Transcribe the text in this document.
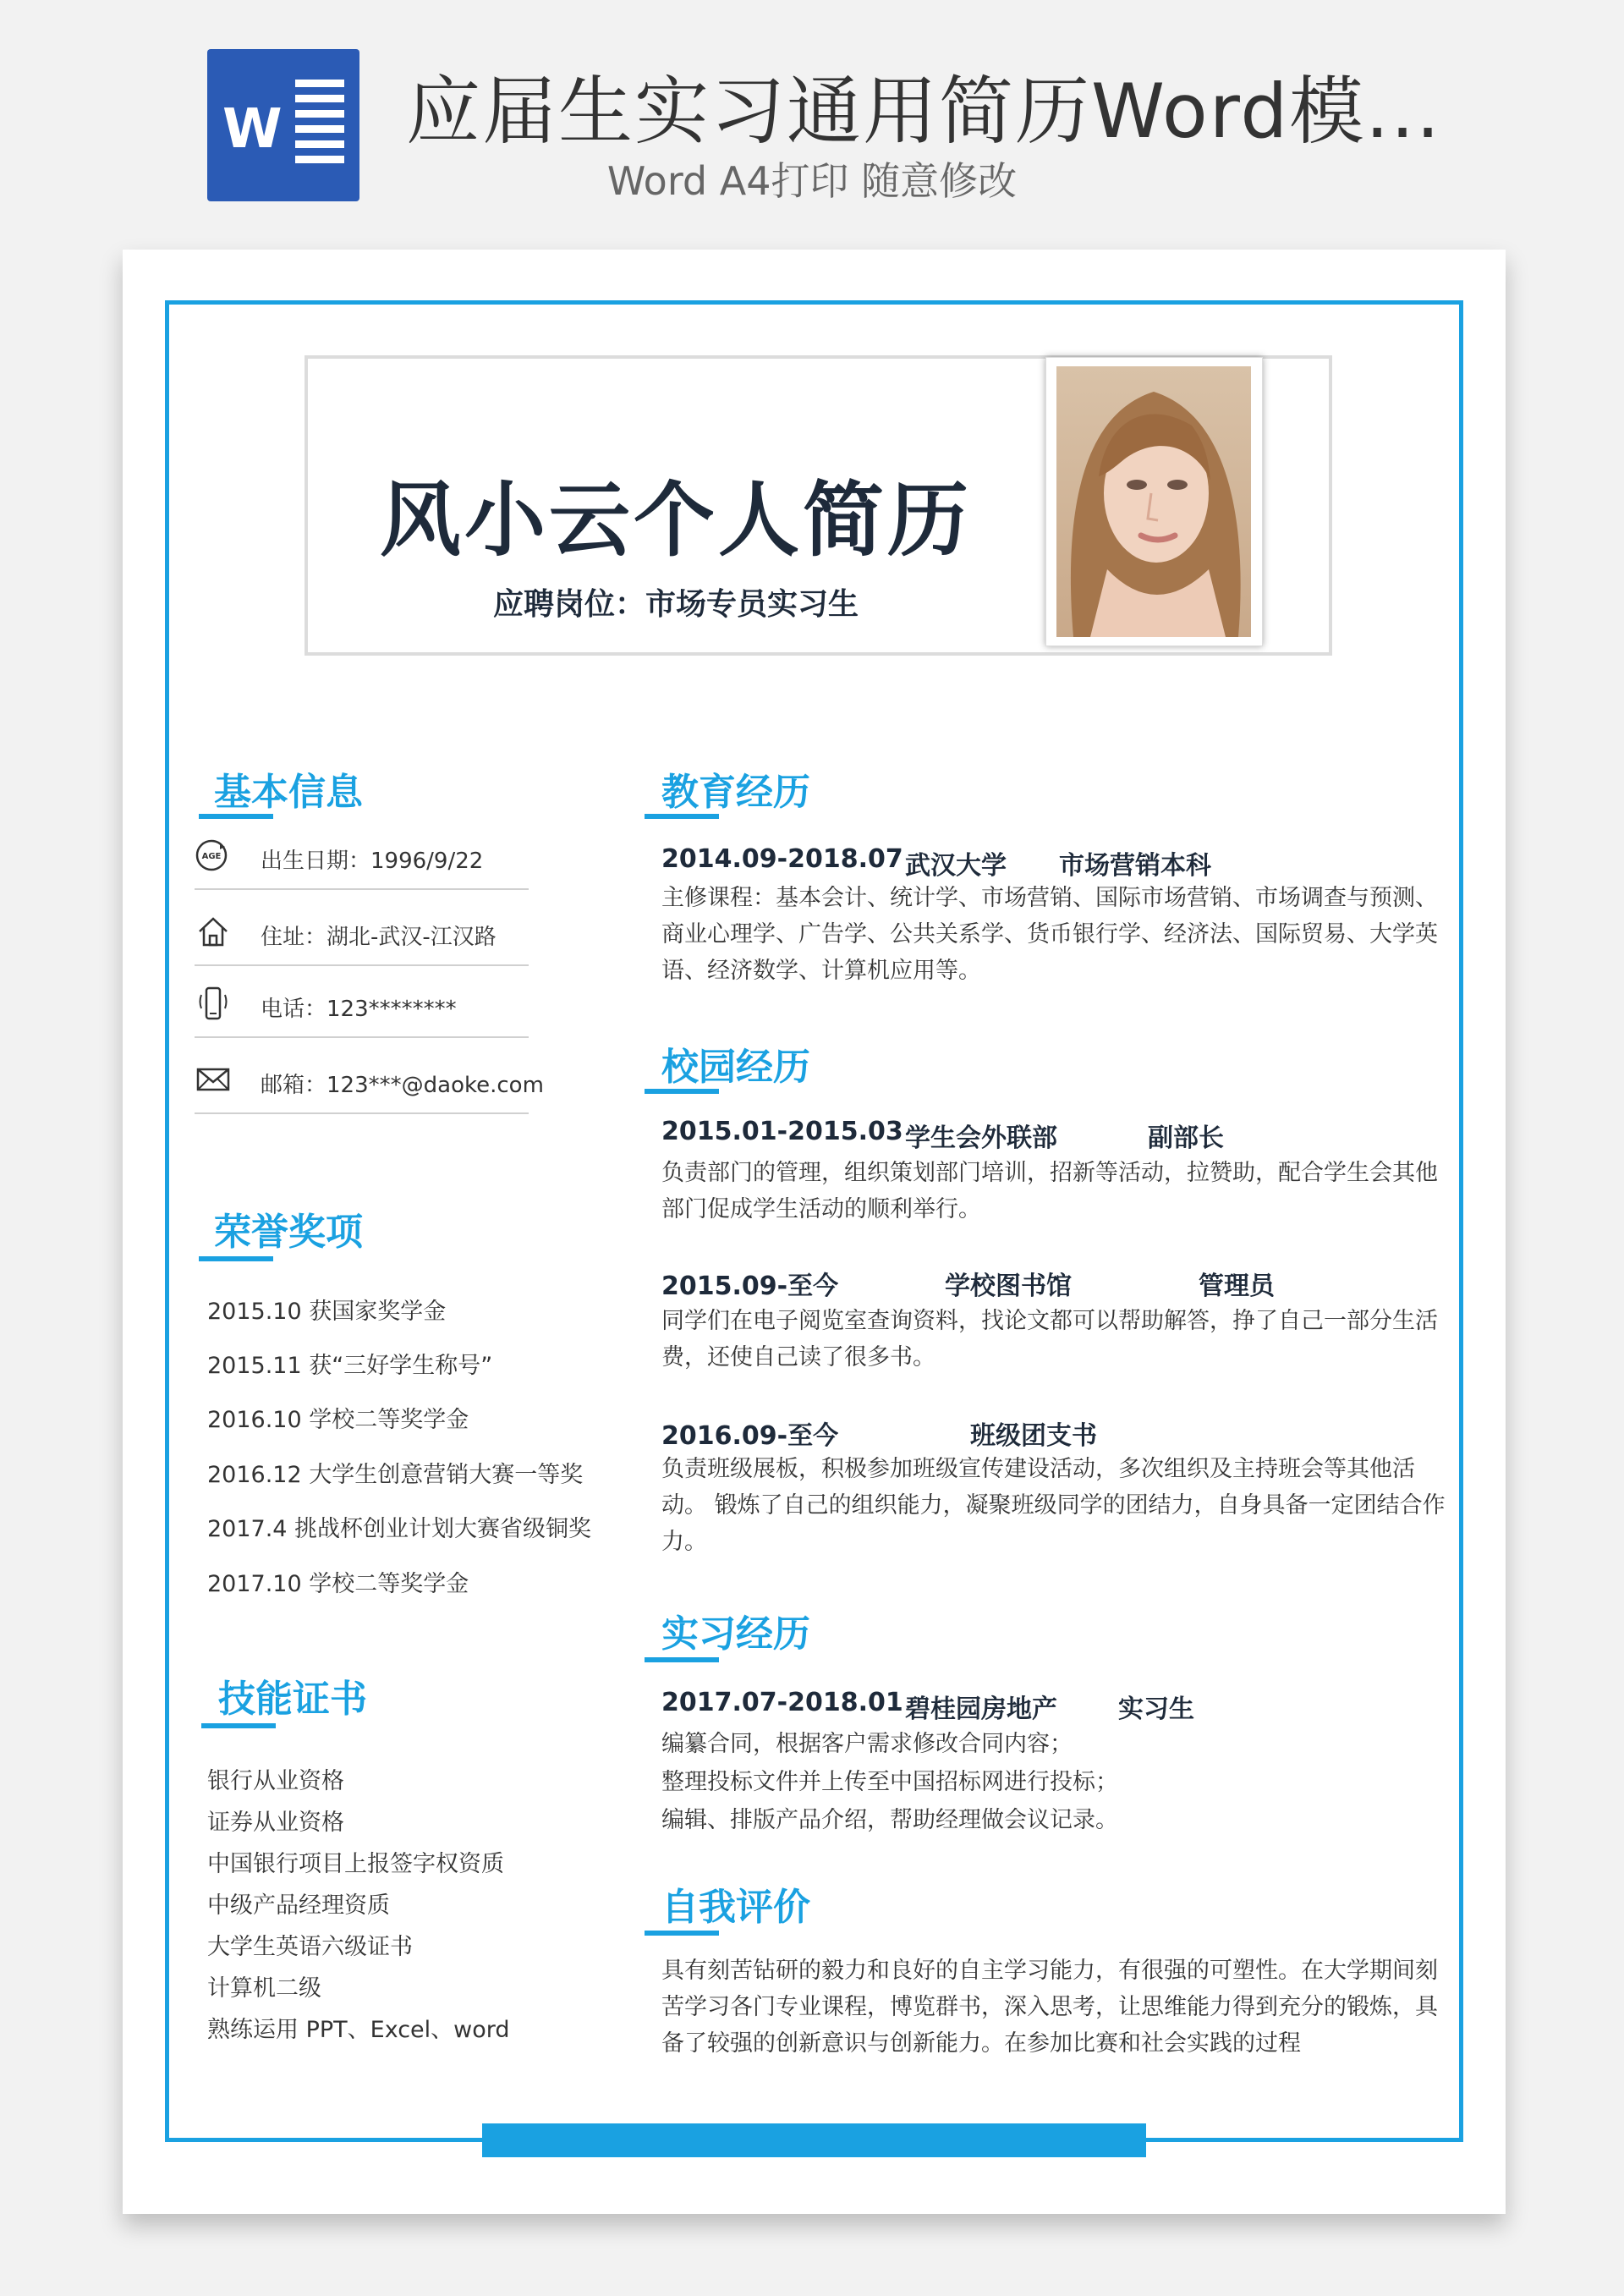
W 应届生实习通用简历Word模...
Word A4打印 随意修改
风小云个人简历
应聘岗位：市场专员实习生
基本信息
AGE 出生日期：1996/9/22
住址：湖北-武汉-江汉路
电话：123********
邮箱：123***@daoke.com
荣誉奖项
2015.10 获国家奖学金
2015.11 获“三好学生称号”
2016.10 学校二等奖学金
2016.12 大学生创意营销大赛一等奖
2017.4 挑战杯创业计划大赛省级铜奖
2017.10 学校二等奖学金
技能证书
银行从业资格
证券从业资格
中国银行项目上报签字权资质
中级产品经理资质
大学生英语六级证书
计算机二级
熟练运用 PPT、Excel、word
教育经历
2014.09-2018.07 武汉大学 市场营销本科
主修课程：基本会计、统计学、市场营销、国际市场营销、市场调查与预测、商业心理学、广告学、公共关系学、货币银行学、经济法、国际贸易、大学英语、经济数学、计算机应用等。
校园经历
2015.01-2015.03 学生会外联部	副部长
负责部门的管理，组织策划部门培训，招新等活动，拉赞助，配合学生会其他部门促成学生活动的顺利举行。
2015.09-至今	学校图书馆	管理员
同学们在电子阅览室查询资料，找论文都可以帮助解答，挣了自己一部分生活费，还使自己读了很多书。
2016.09-至今	班级团支书
负责班级展板，积极参加班级宣传建设活动，多次组织及主持班会等其他活动。 锻炼了自己的组织能力，凝聚班级同学的团结力，自身具备一定团结合作力。
实习经历
2017.07-2018.01 碧桂园房地产 实习生
编纂合同，根据客户需求修改合同内容；
整理投标文件并上传至中国招标网进行投标；
编辑、排版产品介绍，帮助经理做会议记录。
自我评价
具有刻苦钻研的毅力和良好的自主学习能力，有很强的可塑性。在大学期间刻苦学习各门专业课程，博览群书，深入思考，让思维能力得到充分的锻炼，具备了较强的创新意识与创新能力。在参加比赛和社会实践的过程
